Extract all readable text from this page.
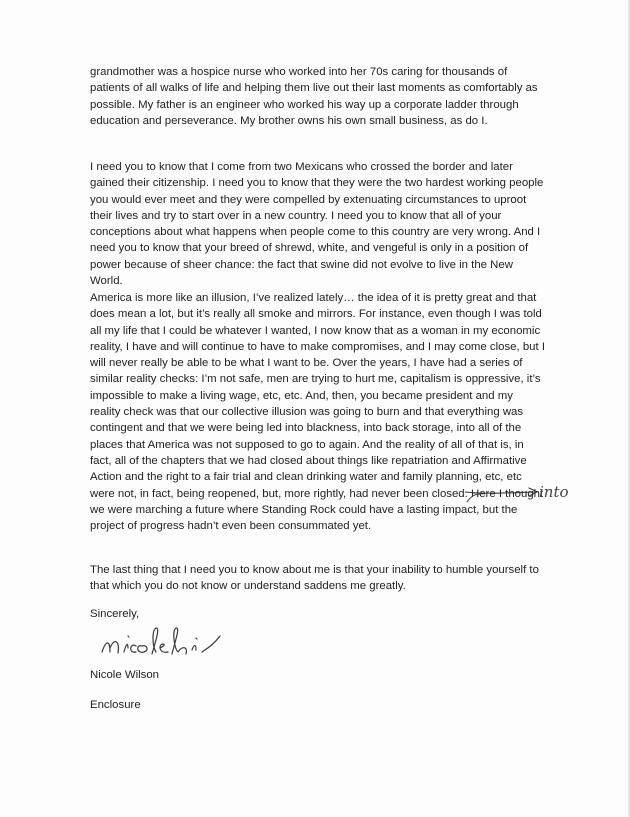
grandmother was a hospice nurse who worked into her 70s caring for thousands of patients of all walks of life and helping them live out their last moments as comfortably as possible. My father is an engineer who worked his way up a corporate ladder through education and perseverance. My brother owns his own small business, as do I.

I need you to know that I come from two Mexicans who crossed the border and later gained their citizenship. I need you to know that they were the two hardest working people you would ever meet and they were compelled by extenuating circumstances to uproot their lives and try to start over in a new country. I need you to know that all of your conceptions about what happens when people come to this country are very wrong. And I need you to know that your breed of shrewd, white, and vengeful is only in a position of power because of sheer chance: the fact that swine did not evolve to live in the New World.

America is more like an illusion, I’ve realized lately… the idea of it is pretty great and that does mean a lot, but it’s really all smoke and mirrors. For instance, even though I was told all my life that I could be whatever I wanted, I now know that as a woman in my economic reality, I have and will continue to have to make compromises, and I may come close, but I will never really be able to be what I want to be. Over the years, I have had a series of similar reality checks: I’m not safe, men are trying to hurt me, capitalism is oppressive, it’s impossible to make a living wage, etc, etc. And, then, you became president and my reality check was that our collective illusion was going to burn and that everything was contingent and that we were being led into blackness, into back storage, into all of the places that America was not supposed to go to again. And the reality of all of that is, in fact, all of the chapters that we had closed about things like repatriation and Affirmative Action and the right to a fair trial and clean drinking water and family planning, etc, etc were not, in fact, being reopened, but, more rightly, had never been closed. Here I thought we were marching a future where Standing Rock could have a lasting impact, but the project of progress hadn’t even been consummated yet.

The last thing that I need you to know about me is that your inability to humble yourself to that which you do not know or understand saddens me greatly.

Sincerely,

Nicole Wilson

Enclosure

into
